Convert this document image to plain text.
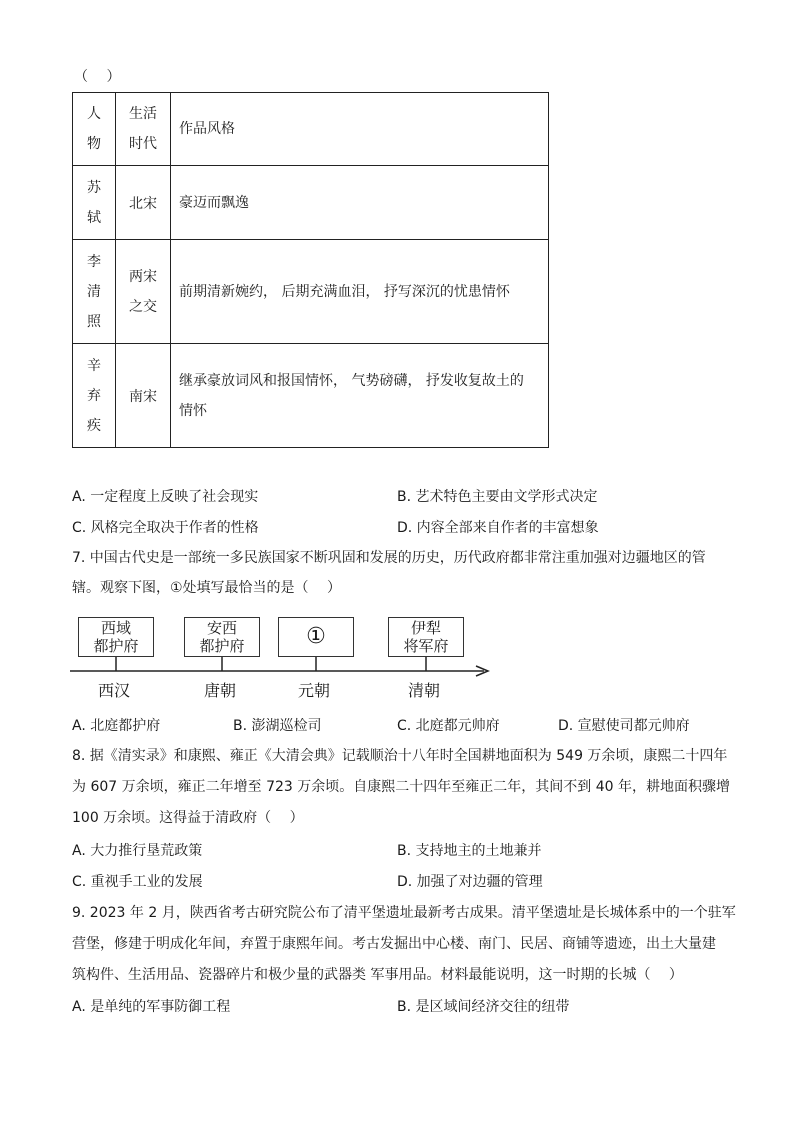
（　 ）
人物	生活时代	作品风格
苏轼	北宋	豪迈而飘逸
李清照	两宋之交	前期清新婉约， 后期充满血泪， 抒写深沉的忧患情怀
辛弃疾	南宋	继承豪放词风和报国情怀， 气势磅礴， 抒发收复故土的
情怀
A. 一定程度上反映了社会现实	B. 艺术特色主要由文学形式决定
C. 风格完全取决于作者的性格	D. 内容全部来自作者的丰富想象
7. 中国古代史是一部统一多民族国家不断巩固和发展的历史，历代政府都非常注重加强对边疆地区的管
辖。观察下图，①处填写最恰当的是（　 ）
西域
都护府
安西
都护府	①	伊犁
将军府
西汉	唐朝	元朝	清朝
A. 北庭都护府	B. 澎湖巡检司	C. 北庭都元帅府	D. 宣慰使司都元帅府
8. 据《清实录》和康熙、雍正《大清会典》记载顺治十八年时全国耕地面积为 549 万余顷，康熙二十四年
为 607 万余顷，雍正二年增至 723 万余顷。自康熙二十四年至雍正二年，其间不到 40 年，耕地面积骤增
100 万余顷。这得益于清政府（　 ）
A. 大力推行垦荒政策	B. 支持地主的土地兼并
C. 重视手工业的发展	D. 加强了对边疆的管理
9. 2023 年 2 月，陕西省考古研究院公布了清平堡遗址最新考古成果。清平堡遗址是长城体系中的一个驻军
营堡，修建于明成化年间，弃置于康熙年间。考古发掘出中心楼、南门、民居、商铺等遗迹，出土大量建
筑构件、生活用品、瓷器碎片和极少量的武器类 军事用品。材料最能说明，这一时期的长城（　 ）
A. 是单纯的军事防御工程	B. 是区域间经济交往的纽带
